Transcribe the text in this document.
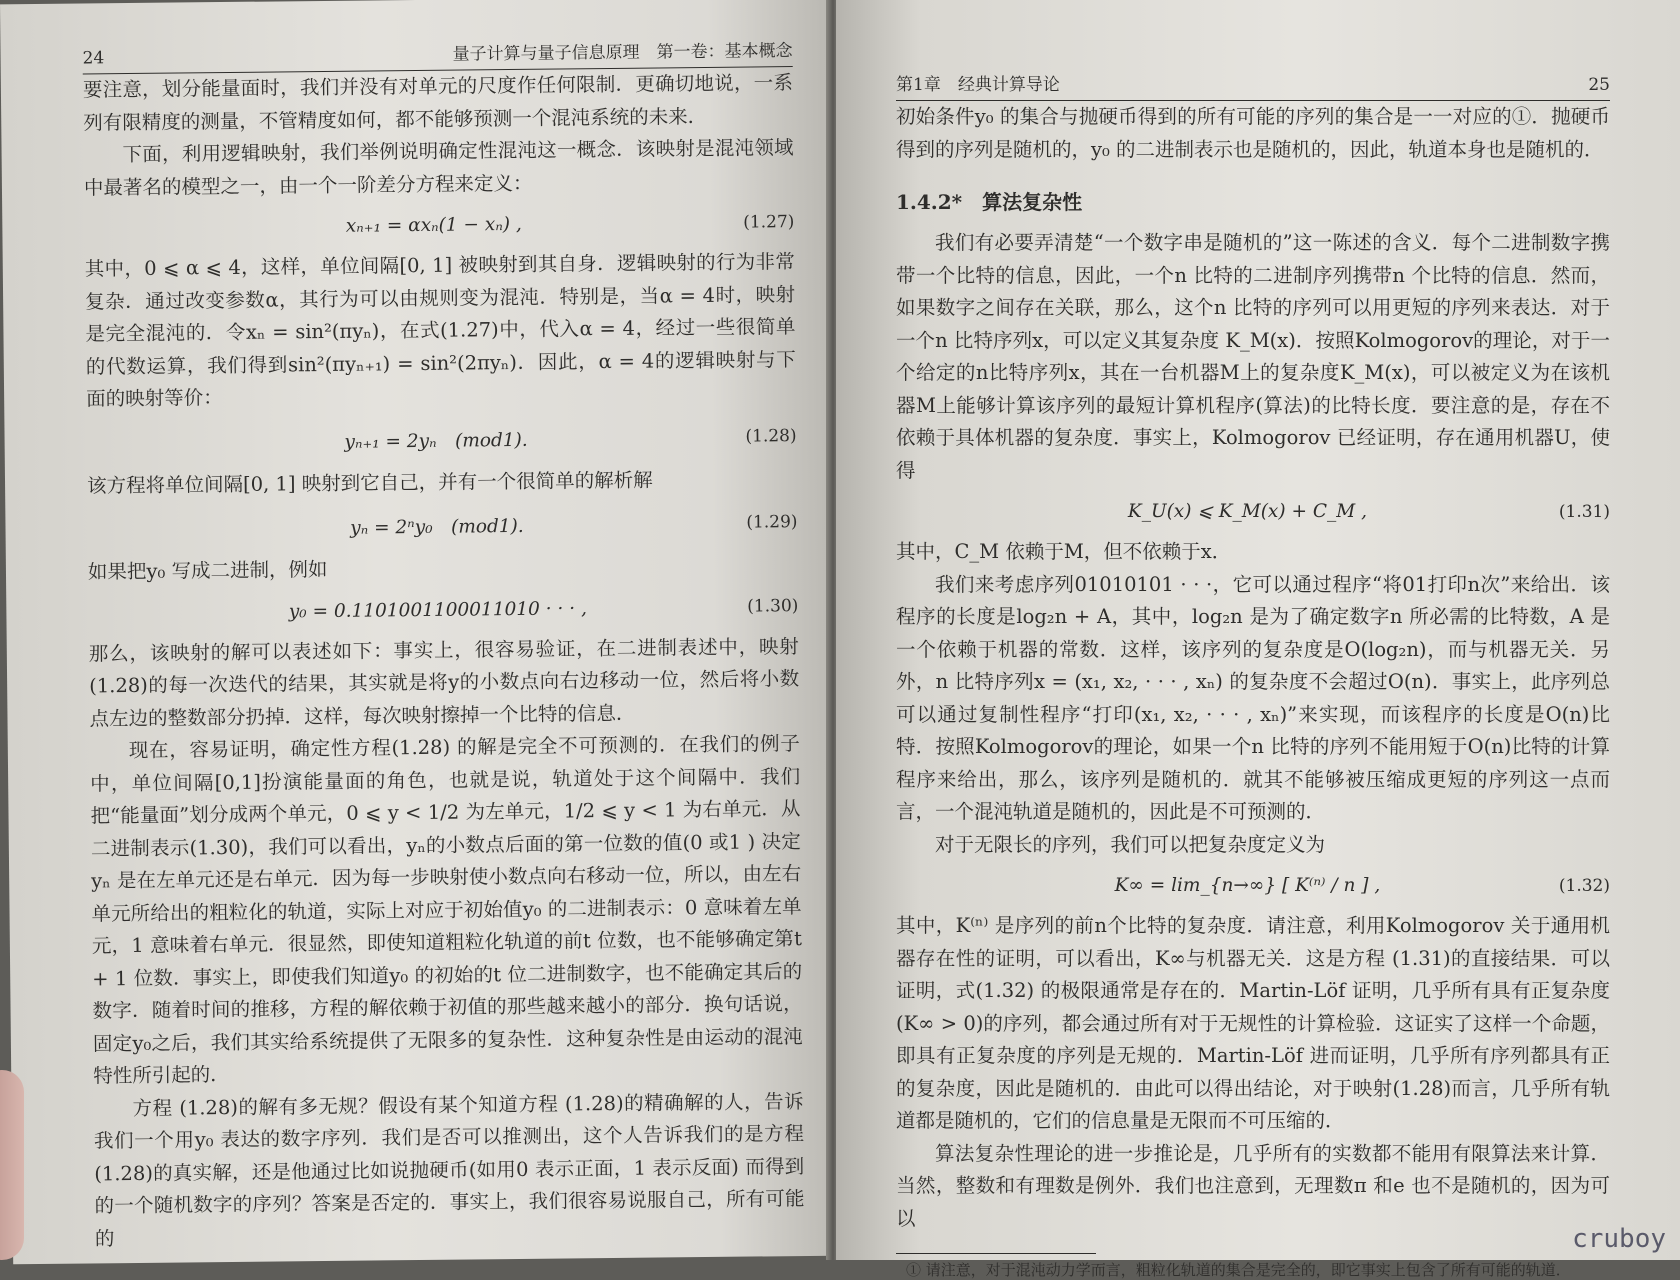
24	量子计算与量子信息原理　第一卷：基本概念

要注意，划分能量面时，我们并没有对单元的尺度作任何限制．更确切地说，一系列有限精度的测量，不管精度如何，都不能够预测一个混沌系统的未来．

下面，利用逻辑映射，我们举例说明确定性混沌这一概念．该映射是混沌领域中最著名的模型之一，由一个一阶差分方程来定义：

xₙ₊₁ = αxₙ(1 − xₙ) ,	(1.27)

其中，0 ⩽ α ⩽ 4，这样，单位间隔[0, 1] 被映射到其自身．逻辑映射的行为非常复杂．通过改变参数α，其行为可以由规则变为混沌．特别是，当α = 4时，映射是完全混沌的．令xₙ = sin²(πyₙ)，在式(1.27)中，代入α = 4，经过一些很简单的代数运算，我们得到sin²(πyₙ₊₁) = sin²(2πyₙ)．因此，α = 4的逻辑映射与下面的映射等价：

yₙ₊₁ = 2yₙ　(mod1).	(1.28)

该方程将单位间隔[0, 1] 映射到它自己，并有一个很简单的解析解

yₙ = 2ⁿy₀　(mod1).	(1.29)

如果把y₀ 写成二进制，例如

y₀ = 0.1101001100011010 · · · ,	(1.30)

那么，该映射的解可以表述如下：事实上，很容易验证，在二进制表述中，映射(1.28)的每一次迭代的结果，其实就是将y的小数点向右边移动一位，然后将小数点左边的整数部分扔掉．这样，每次映射擦掉一个比特的信息．

现在，容易证明，确定性方程(1.28) 的解是完全不可预测的．在我们的例子中，单位间隔[0,1]扮演能量面的角色，也就是说，轨道处于这个间隔中．我们把“能量面”划分成两个单元，0 ⩽ y < 1/2 为左单元，1/2 ⩽ y < 1 为右单元．从二进制表示(1.30)，我们可以看出，yₙ的小数点后面的第一位数的值(0 或1 ) 决定yₙ 是在左单元还是右单元．因为每一步映射使小数点向右移动一位，所以，由左右单元所给出的粗粒化的轨道，实际上对应于初始值y₀ 的二进制表示：0 意味着左单元，1 意味着右单元．很显然，即使知道粗粒化轨道的前t 位数，也不能够确定第t + 1 位数．事实上，即使我们知道y₀ 的初始的t 位二进制数字，也不能确定其后的数字．随着时间的推移，方程的解依赖于初值的那些越来越小的部分．换句话说，固定y₀之后，我们其实给系统提供了无限多的复杂性．这种复杂性是由运动的混沌特性所引起的．

方程 (1.28)的解有多无规？假设有某个知道方程 (1.28)的精确解的人，告诉我们一个用y₀ 表达的数字序列．我们是否可以推测出，这个人告诉我们的是方程(1.28)的真实解，还是他通过比如说抛硬币(如用0 表示正面，1 表示反面) 而得到的一个随机数字的序列？答案是否定的．事实上，我们很容易说服自己，所有可能的

第1章　经典计算导论	25

初始条件y₀ 的集合与抛硬币得到的所有可能的序列的集合是一一对应的①．抛硬币得到的序列是随机的，y₀ 的二进制表示也是随机的，因此，轨道本身也是随机的．

1.4.2*　算法复杂性

我们有必要弄清楚“一个数字串是随机的”这一陈述的含义．每个二进制数字携带一个比特的信息，因此，一个n 比特的二进制序列携带n 个比特的信息．然而，如果数字之间存在关联，那么，这个n 比特的序列可以用更短的序列来表达．对于一个n 比特序列x，可以定义其复杂度 K_M(x)．按照Kolmogorov的理论，对于一个给定的n比特序列x，其在一台机器M上的复杂度K_M(x)，可以被定义为在该机器M上能够计算该序列的最短计算机程序(算法)的比特长度．要注意的是，存在不依赖于具体机器的复杂度．事实上，Kolmogorov 已经证明，存在通用机器U，使得

K_U(x) ⩽ K_M(x) + C_M ,	(1.31)

其中，C_M 依赖于M，但不依赖于x．

我们来考虑序列01010101 · · ·，它可以通过程序“将01打印n次”来给出．该程序的长度是log₂n + A，其中，log₂n 是为了确定数字n 所必需的比特数，A 是一个依赖于机器的常数．这样，该序列的复杂度是O(log₂n)，而与机器无关．另外，n 比特序列x = (x₁, x₂, · · · , xₙ) 的复杂度不会超过O(n)．事实上，此序列总可以通过复制性程序“打印(x₁, x₂, · · · , xₙ)”来实现，而该程序的长度是O(n)比特．按照Kolmogorov的理论，如果一个n 比特的序列不能用短于O(n)比特的计算程序来给出，那么，该序列是随机的．就其不能够被压缩成更短的序列这一点而言，一个混沌轨道是随机的，因此是不可预测的．

对于无限长的序列，我们可以把复杂度定义为

K∞ = lim_{n→∞} [ K⁽ⁿ⁾ / n ] ,	(1.32)

其中，K⁽ⁿ⁾ 是序列的前n个比特的复杂度．请注意，利用Kolmogorov 关于通用机器存在性的证明，可以看出，K∞与机器无关．这是方程 (1.31)的直接结果．可以证明，式(1.32) 的极限通常是存在的．Martin-Löf 证明，几乎所有具有正复杂度(K∞ > 0)的序列，都会通过所有对于无规性的计算检验．这证实了这样一个命题，即具有正复杂度的序列是无规的．Martin-Löf 进而证明，几乎所有序列都具有正的复杂度，因此是随机的．由此可以得出结论，对于映射(1.28)而言，几乎所有轨道都是随机的，它们的信息量是无限而不可压缩的．

算法复杂性理论的进一步推论是，几乎所有的实数都不能用有限算法来计算．当然，整数和有理数是例外．我们也注意到，无理数π 和e 也不是随机的，因为可以

① 请注意，对于混沌动力学而言，粗粒化轨道的集合是完全的，即它事实上包含了所有可能的轨道．
cruboy
